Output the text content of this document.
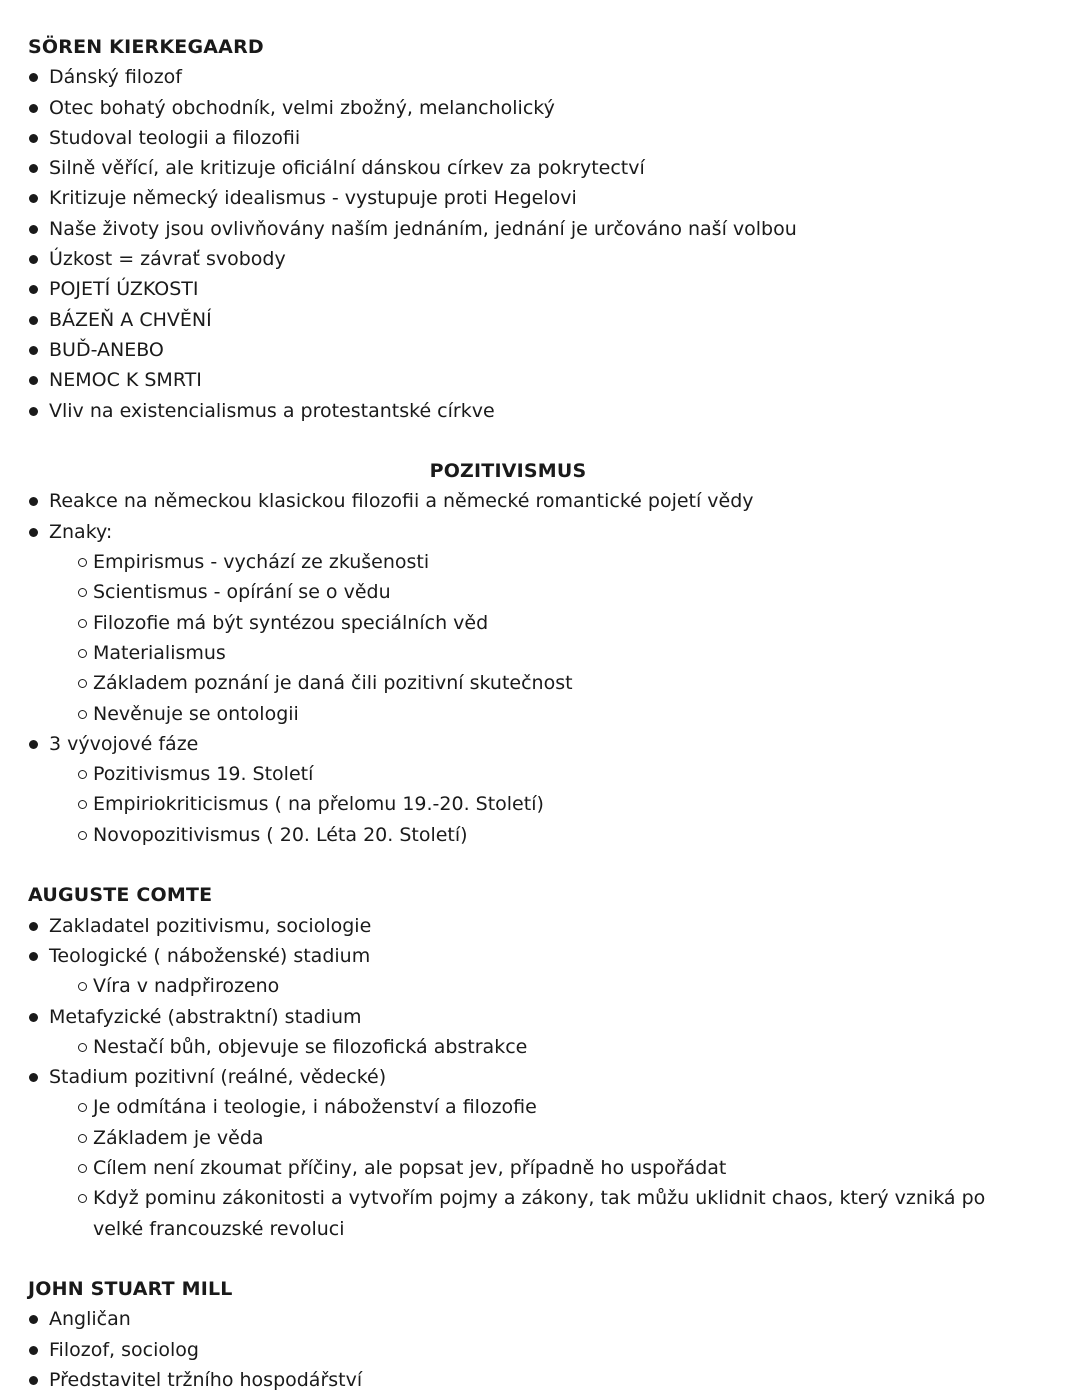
SÖREN KIERKEGAARD
Dánský filozof
Otec bohatý obchodník, velmi zbožný, melancholický
Studoval teologii a filozofii
Silně věřící, ale kritizuje oficiální dánskou církev za pokrytectví
Kritizuje německý idealismus - vystupuje proti Hegelovi
Naše životy jsou ovlivňovány naším jednáním, jednání je určováno naší volbou
Úzkost = závrať svobody
POJETÍ ÚZKOSTI
BÁZEŇ A CHVĚNÍ
BUĎ-ANEBO
NEMOC K SMRTI
Vliv na existencialismus a protestantské církve
POZITIVISMUS
Reakce na německou klasickou filozofii a německé romantické pojetí vědy
Znaky:
Empirismus - vychází ze zkušenosti
Scientismus - opírání se o vědu
Filozofie má být syntézou speciálních věd
Materialismus
Základem poznání je daná čili pozitivní skutečnost
Nevěnuje se ontologii
3 vývojové fáze
Pozitivismus 19. Století
Empiriokriticismus ( na přelomu 19.-20. Století)
Novopozitivismus ( 20. Léta 20. Století)
AUGUSTE COMTE
Zakladatel pozitivismu, sociologie
Teologické ( náboženské) stadium
Víra v nadpřirozeno
Metafyzické (abstraktní) stadium
Nestačí bůh, objevuje se filozofická abstrakce
Stadium pozitivní (reálné, vědecké)
Je odmítána i teologie, i náboženství a filozofie
Základem je věda
Cílem není zkoumat příčiny, ale popsat jev, případně ho uspořádat
Když pominu zákonitosti a vytvořím pojmy a zákony, tak můžu uklidnit chaos, který vzniká po
velké francouzské revoluci
JOHN STUART MILL
Angličan
Filozof, sociolog
Představitel tržního hospodářství
